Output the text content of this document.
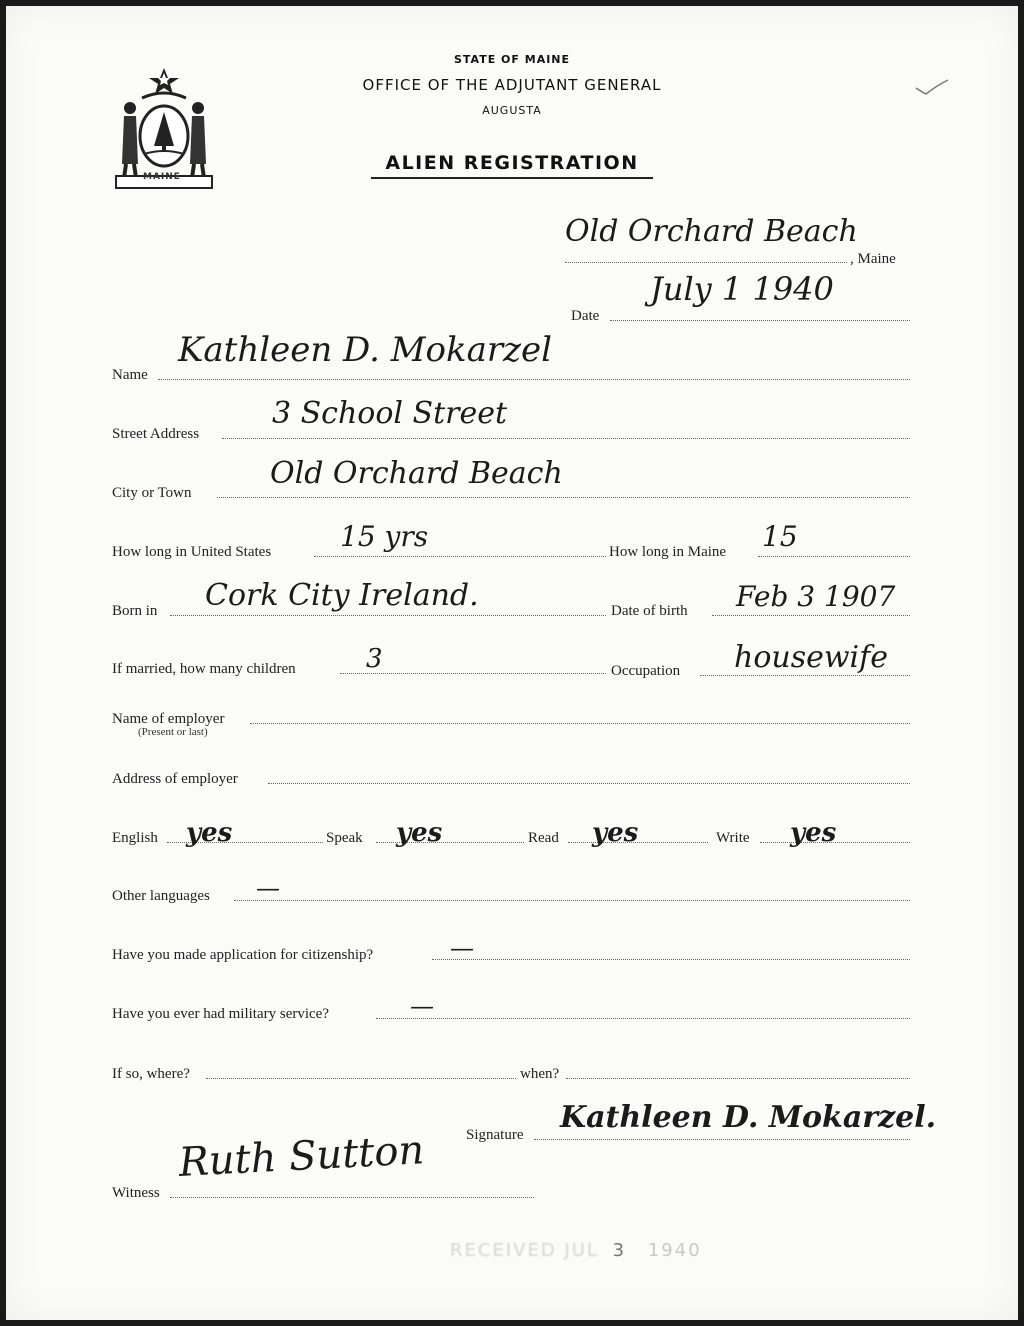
MAINE
STATE OF MAINE
OFFICE OF THE ADJUTANT GENERAL
AUGUSTA
ALIEN REGISTRATION
Old Orchard Beach
, Maine
Date
July 1 1940
Name
Kathleen D. Mokarzel
Street Address
3 School Street
City or Town
Old Orchard Beach
How long in United States 15 yrs	How long in Maine 15
Born in Cork City Ireland.	Date of birth Feb 3 1907
If married, how many children	3	Occupation housewife
Name of employer
(Present or last)
Address of employer
English yes	Speak yes	Read yes	Write yes
Other languages —
Have you made application for citizenship?	—
Have you ever had military service?	—
If so, where?	when?
Signature Kathleen D. Mokarzel.
Witness
Ruth Sutton
RECEIVED JUL 3 1940
